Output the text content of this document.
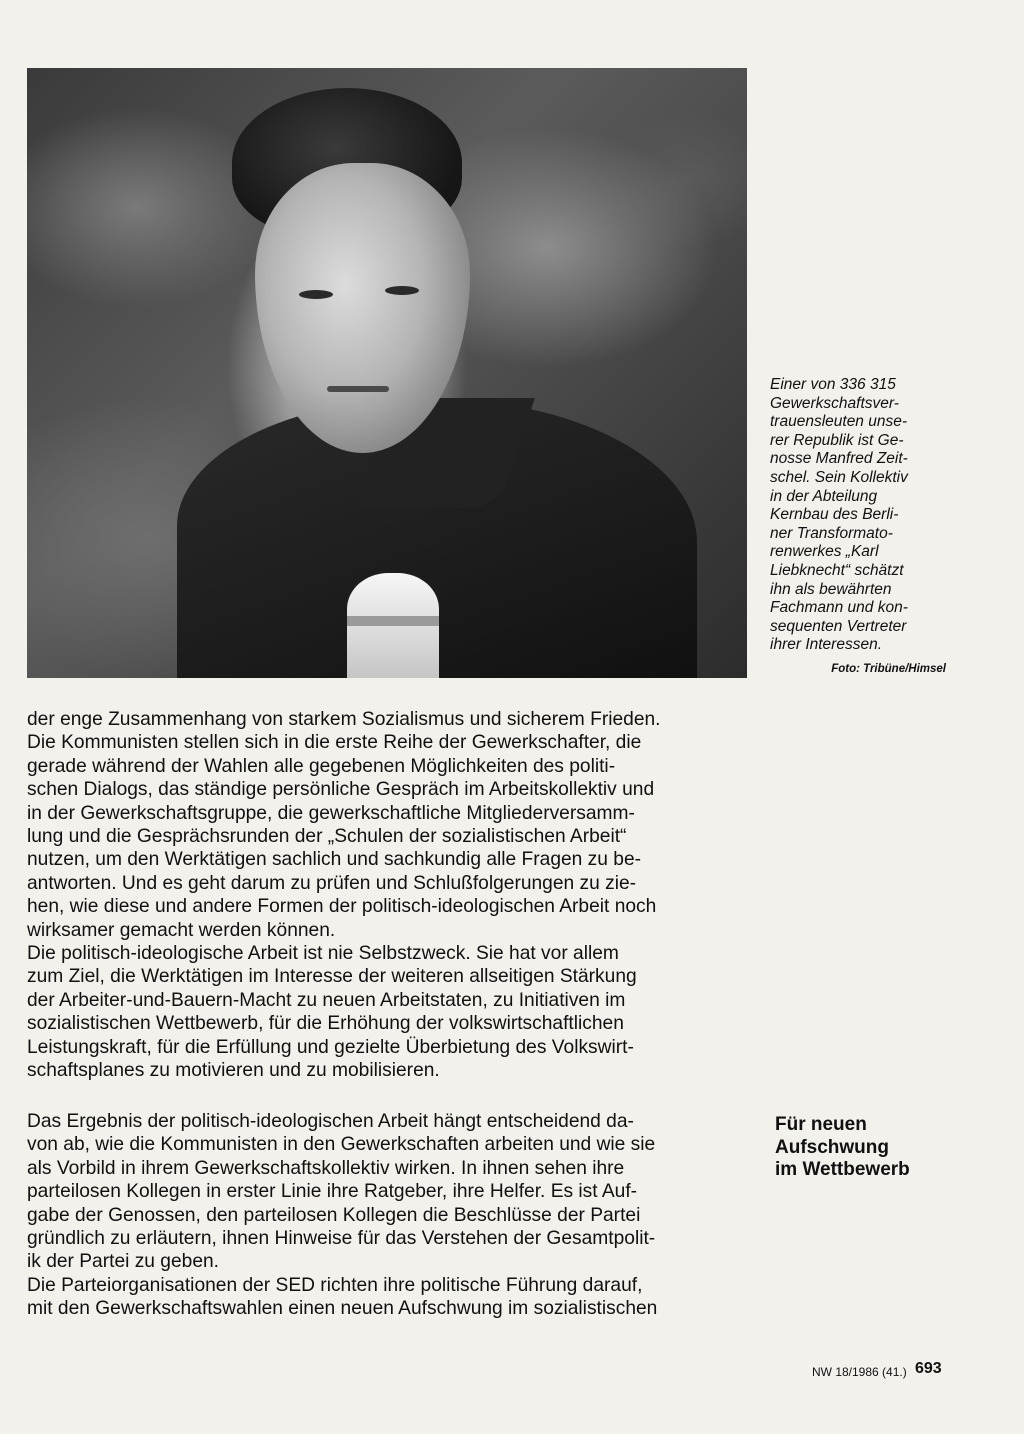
Einer von 336 315
Gewerkschaftsver-
trauensleuten unse-
rer Republik ist Ge-
nosse Manfred Zeit-
schel. Sein Kollektiv
in der Abteilung
Kernbau des Berli-
ner Transformato-
renwerkes „Karl
Liebknecht“ schätzt
ihn als bewährten
Fachmann und kon-
sequenten Vertreter
ihrer Interessen.
Foto: Tribüne/Himsel
der enge Zusammenhang von starkem Sozialismus und sicherem Frieden.
Die Kommunisten stellen sich in die erste Reihe der Gewerkschafter, die
gerade während der Wahlen alle gegebenen Möglichkeiten des politi-
schen Dialogs, das ständige persönliche Gespräch im Arbeitskollektiv und
in der Gewerkschaftsgruppe, die gewerkschaftliche Mitgliederversamm-
lung und die Gesprächsrunden der „Schulen der sozialistischen Arbeit“
nutzen, um den Werktätigen sachlich und sachkundig alle Fragen zu be-
antworten. Und es geht darum zu prüfen und Schlußfolgerungen zu zie-
hen, wie diese und andere Formen der politisch-ideologischen Arbeit noch
wirksamer gemacht werden können.
Die politisch-ideologische Arbeit ist nie Selbstzweck. Sie hat vor allem
zum Ziel, die Werktätigen im Interesse der weiteren allseitigen Stärkung
der Arbeiter-und-Bauern-Macht zu neuen Arbeitstaten, zu Initiativen im
sozialistischen Wettbewerb, für die Erhöhung der volkswirtschaftlichen
Leistungskraft, für die Erfüllung und gezielte Überbietung des Volkswirt-
schaftsplanes zu motivieren und zu mobilisieren.
Für neuen
Aufschwung
im Wettbewerb
Das Ergebnis der politisch-ideologischen Arbeit hängt entscheidend da-
von ab, wie die Kommunisten in den Gewerkschaften arbeiten und wie sie
als Vorbild in ihrem Gewerkschaftskollektiv wirken. In ihnen sehen ihre
parteilosen Kollegen in erster Linie ihre Ratgeber, ihre Helfer. Es ist Auf-
gabe der Genossen, den parteilosen Kollegen die Beschlüsse der Partei
gründlich zu erläutern, ihnen Hinweise für das Verstehen der Gesamtpolit-
ik der Partei zu geben.
Die Parteiorganisationen der SED richten ihre politische Führung darauf,
mit den Gewerkschaftswahlen einen neuen Aufschwung im sozialistischen
NW 18/1986 (41.) 693
